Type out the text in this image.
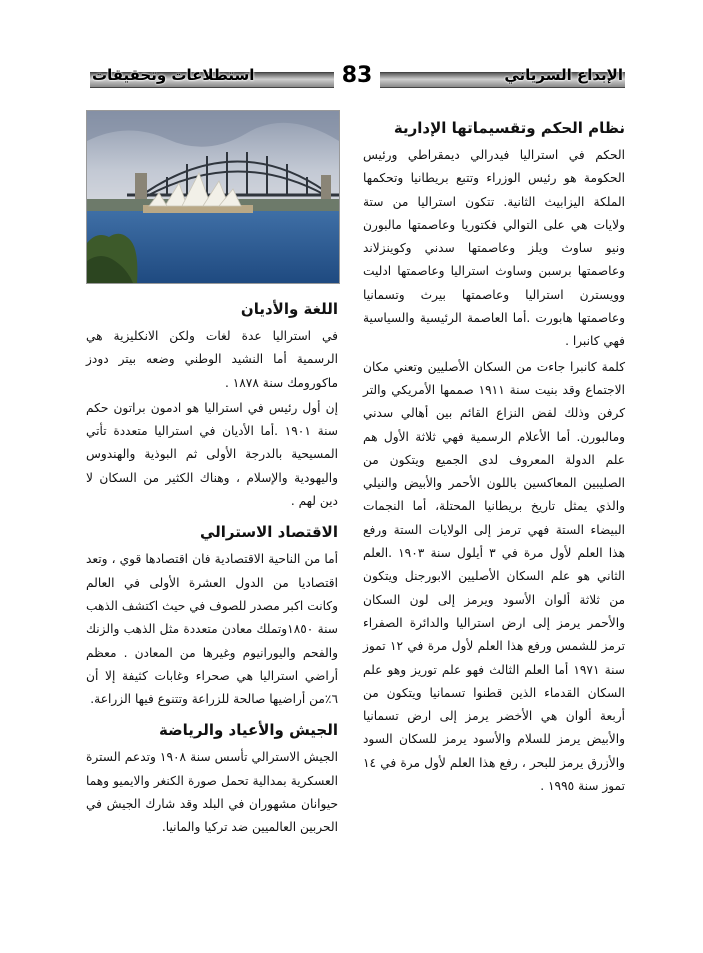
استطلاعات وتحقيقات	الإبداع السرياني
83
نظام الحكم وتقسيماتها الإدارية

الحكم في استراليا فيدرالي ديمقراطي ورئيس الحكومة هو رئيس الوزراء وتتبع بريطانيا وتحكمها الملكة اليزابيث الثانية. تتكون استراليا من ستة ولايات هي على التوالي فكتوريا وعاصمتها مالبورن ونيو ساوث ويلز وعاصمتها سدني وكوينزلاند وعاصمتها برسبن وساوث استراليا وعاصمتها ادليت وويسترن استراليا وعاصمتها بيرث وتسمانيا وعاصمتها هابورت .أما العاصمة الرئيسية والسياسية فهي كانبرا .

كلمة كانبرا جاءت من السكان الأصليين وتعني مكان الاجتماع وقد بنيت سنة ١٩١١ صممها الأمريكي والتر كرفن وذلك لفض النزاع القائم بين أهالي سدني ومالبورن. أما الأعلام الرسمية فهي ثلاثة الأول هم علم الدولة المعروف لدى الجميع ويتكون من الصليبين المعاكسين باللون الأحمر والأبيض والنيلي والذي يمثل تاريخ بريطانيا المحتلة، أما النجمات البيضاء الستة فهي ترمز إلى الولايات الستة ورفع هذا العلم لأول مرة في ٣ أيلول سنة ١٩٠٣ .العلم الثاني هو علم السكان الأصليين الابورجنل ويتكون من ثلاثة ألوان الأسود ويرمز إلى لون السكان والأحمر يرمز إلى ارض استراليا والدائرة الصفراء ترمز للشمس ورفع هذا العلم لأول مرة في ١٢ تموز سنة ١٩٧١ أما العلم الثالث فهو علم توريز وهو علم السكان القدماء الذين قطنوا تسمانيا ويتكون من أربعة ألوان هي الأخضر يرمز إلى ارض تسمانيا والأبيض يرمز للسلام والأسود يرمز للسكان السود والأزرق يرمز للبحر ، رفع هذا العلم لأول مرة في ١٤ تموز سنة ١٩٩٥ .

اللغة والأديان

في استراليا عدة لغات ولكن الانكليزية هي الرسمية أما النشيد الوطني وضعه بيتر دودز ماكورومك سنة ١٨٧٨ .

إن أول رئيس في استراليا هو ادمون براتون حكم سنة ١٩٠١ .أما الأديان في استراليا متعددة تأتي المسيحية بالدرجة الأولى ثم البوذية والهندوس واليهودية والإسلام ، وهناك الكثير من السكان لا دين لهم .

الاقتصاد الاسترالي

أما من الناحية الاقتصادية فان اقتصادها قوي ، وتعد اقتصاديا من الدول العشرة الأولى في العالم وكانت اكبر مصدر للصوف في حيث اكتشف الذهب سنة ١٨٥٠وتملك معادن متعددة مثل الذهب والزنك والفحم واليورانيوم وغيرها من المعادن . معظم أراضي استراليا هي صحراء وغابات كثيفة إلا أن ٦٪من أراضيها صالحة للزراعة وتتنوع فيها الزراعة.

الجيش والأعياد والرياضة

الجيش الاسترالي تأسس سنة ١٩٠٨ وتدعم السترة العسكرية بمدالية تحمل صورة الكنغر والايميو وهما حيوانان مشهوران في البلد وقد شارك الجيش في الحربين العالميين ضد تركيا والمانيا.
